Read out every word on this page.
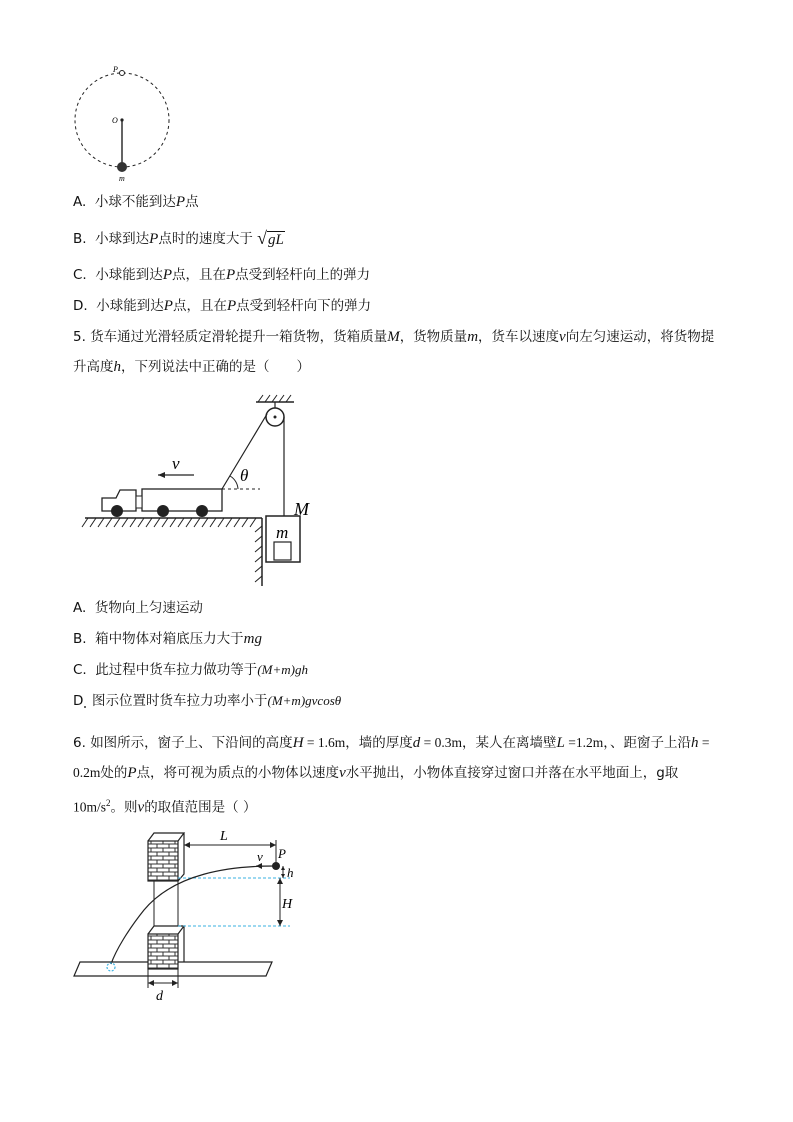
P
O
m
A. 小球不能到达P点
B. 小球到达P点时的速度大于 √gL
C. 小球能到达P点，且在P点受到轻杆向上的弹力
D. 小球能到达P点，且在P点受到轻杆向下的弹力
5. 货车通过光滑轻质定滑轮提升一箱货物，货箱质量M，货物质量m，货车以速度v向左匀速运动，将货物提升高度h，下列说法中正确的是（　　）
θ
v
m
M
A. 货物向上匀速运动
B. 箱中物体对箱底压力大于mg
C. 此过程中货车拉力做功等于(M+m)gh
D 图示位置时货车拉力功率小于(M+m)gvcosθ
6. 如图所示，窗子上、下沿间的高度H = 1.6m，墙的厚度d = 0.3m，某人在离墙壁L =1.2m，、距窗子上沿h = 0.2m处的P点，将可视为质点的小物体以速度v水平抛出，小物体直接穿过窗口并落在水平地面上，g取$10m/s^2$。则v的取值范围是（ ）
L
v P
h
H
d
